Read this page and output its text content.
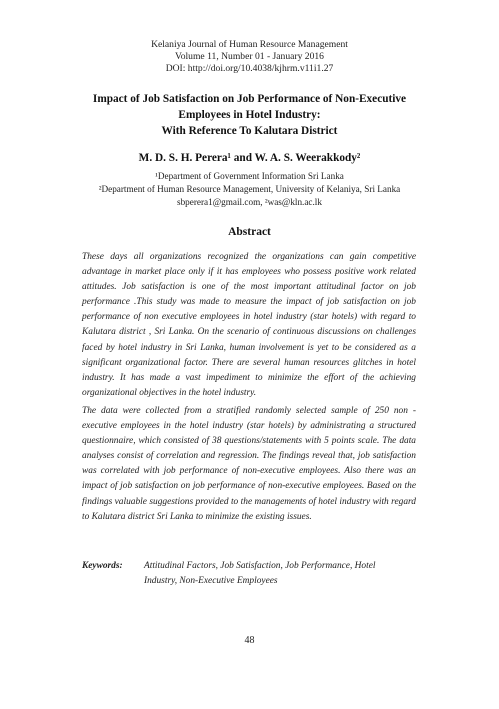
Kelaniya Journal of Human Resource Management
Volume 11, Number 01 - January 2016
DOI: http://doi.org/10.4038/kjhrm.v11i1.27
Impact of Job Satisfaction on Job Performance of Non-Executive
Employees in Hotel Industry:
With Reference To Kalutara District
M. D. S. H. Perera¹ and W. A. S. Weerakkody²
¹Department of Government Information Sri Lanka
²Department of Human Resource Management, University of Kelaniya, Sri Lanka
sbperera1@gmail.com, ²was@kln.ac.lk
Abstract

These days all organizations recognized the organizations can gain competitive advantage in market place only if it has employees who possess positive work related attitudes. Job satisfaction is one of the most important attitudinal factor on job performance .This study was made to measure the impact of job satisfaction on job performance of non executive employees in hotel industry (star hotels) with regard to Kalutara district , Sri Lanka. On the scenario of continuous discussions on challenges faced by hotel industry in Sri Lanka, human involvement is yet to be considered as a significant organizational factor. There are several human resources glitches in hotel industry. It has made a vast impediment to minimize the effort of the achieving organizational objectives in the hotel industry.

The data were collected from a stratified randomly selected sample of 250 non -executive employees in the hotel industry (star hotels) by administrating a structured questionnaire, which consisted of 38 questions/statements with 5 points scale. The data analyses consist of correlation and regression. The findings reveal that, job satisfaction was correlated with job performance of non-executive employees. Also there was an impact of job satisfaction on job performance of non-executive employees. Based on the findings valuable suggestions provided to the managements of hotel industry with regard to Kalutara district Sri Lanka to minimize the existing issues.

Keywords: Attitudinal Factors, Job Satisfaction, Job Performance, Hotel
Industry, Non-Executive Employees
48
